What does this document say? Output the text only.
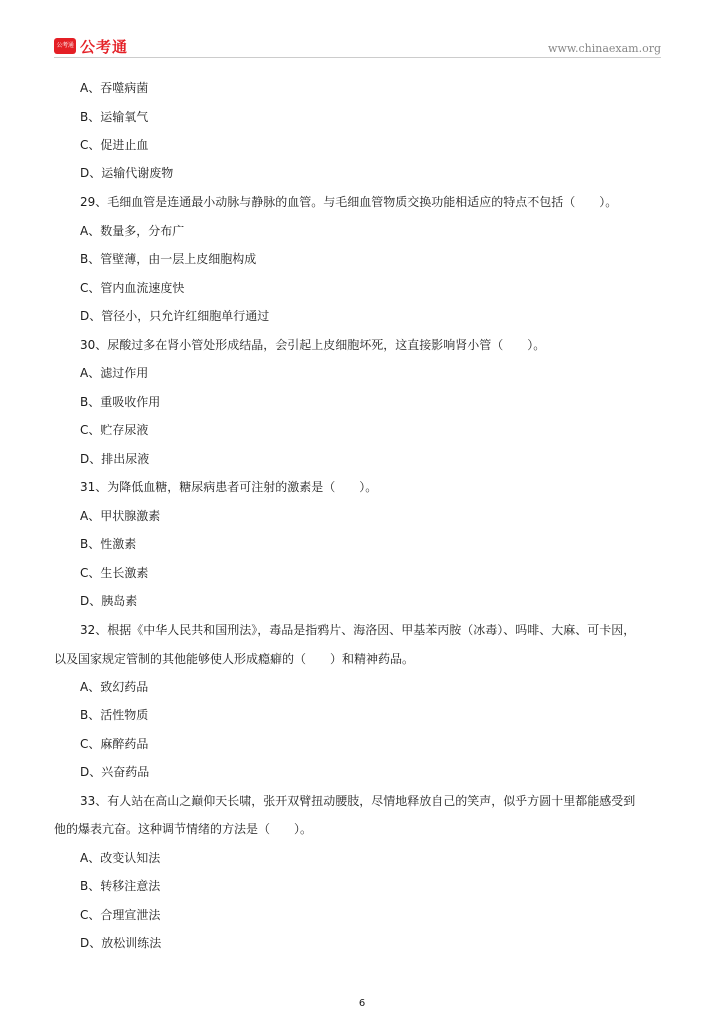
公考通 公考通	www.chinaexam.org
A、吞噬病菌
B、运输氧气
C、促进止血
D、运输代谢废物
29、毛细血管是连通最小动脉与静脉的血管。与毛细血管物质交换功能相适应的特点不包括（　　）。
A、数量多，分布广
B、管壁薄，由一层上皮细胞构成
C、管内血流速度快
D、管径小，只允许红细胞单行通过
30、尿酸过多在肾小管处形成结晶，会引起上皮细胞坏死，这直接影响肾小管（　　）。
A、滤过作用
B、重吸收作用
C、贮存尿液
D、排出尿液
31、为降低血糖，糖尿病患者可注射的激素是（　　）。
A、甲状腺激素
B、性激素
C、生长激素
D、胰岛素
32、根据《中华人民共和国刑法》，毒品是指鸦片、海洛因、甲基苯丙胺（冰毒）、吗啡、大麻、可卡因，
以及国家规定管制的其他能够使人形成瘾癖的（　　）和精神药品。
A、致幻药品
B、活性物质
C、麻醉药品
D、兴奋药品
33、有人站在高山之巅仰天长啸，张开双臂扭动腰肢，尽情地释放自己的笑声，似乎方圆十里都能感受到
他的爆表亢奋。这种调节情绪的方法是（　　）。
A、改变认知法
B、转移注意法
C、合理宣泄法
D、放松训练法
6
